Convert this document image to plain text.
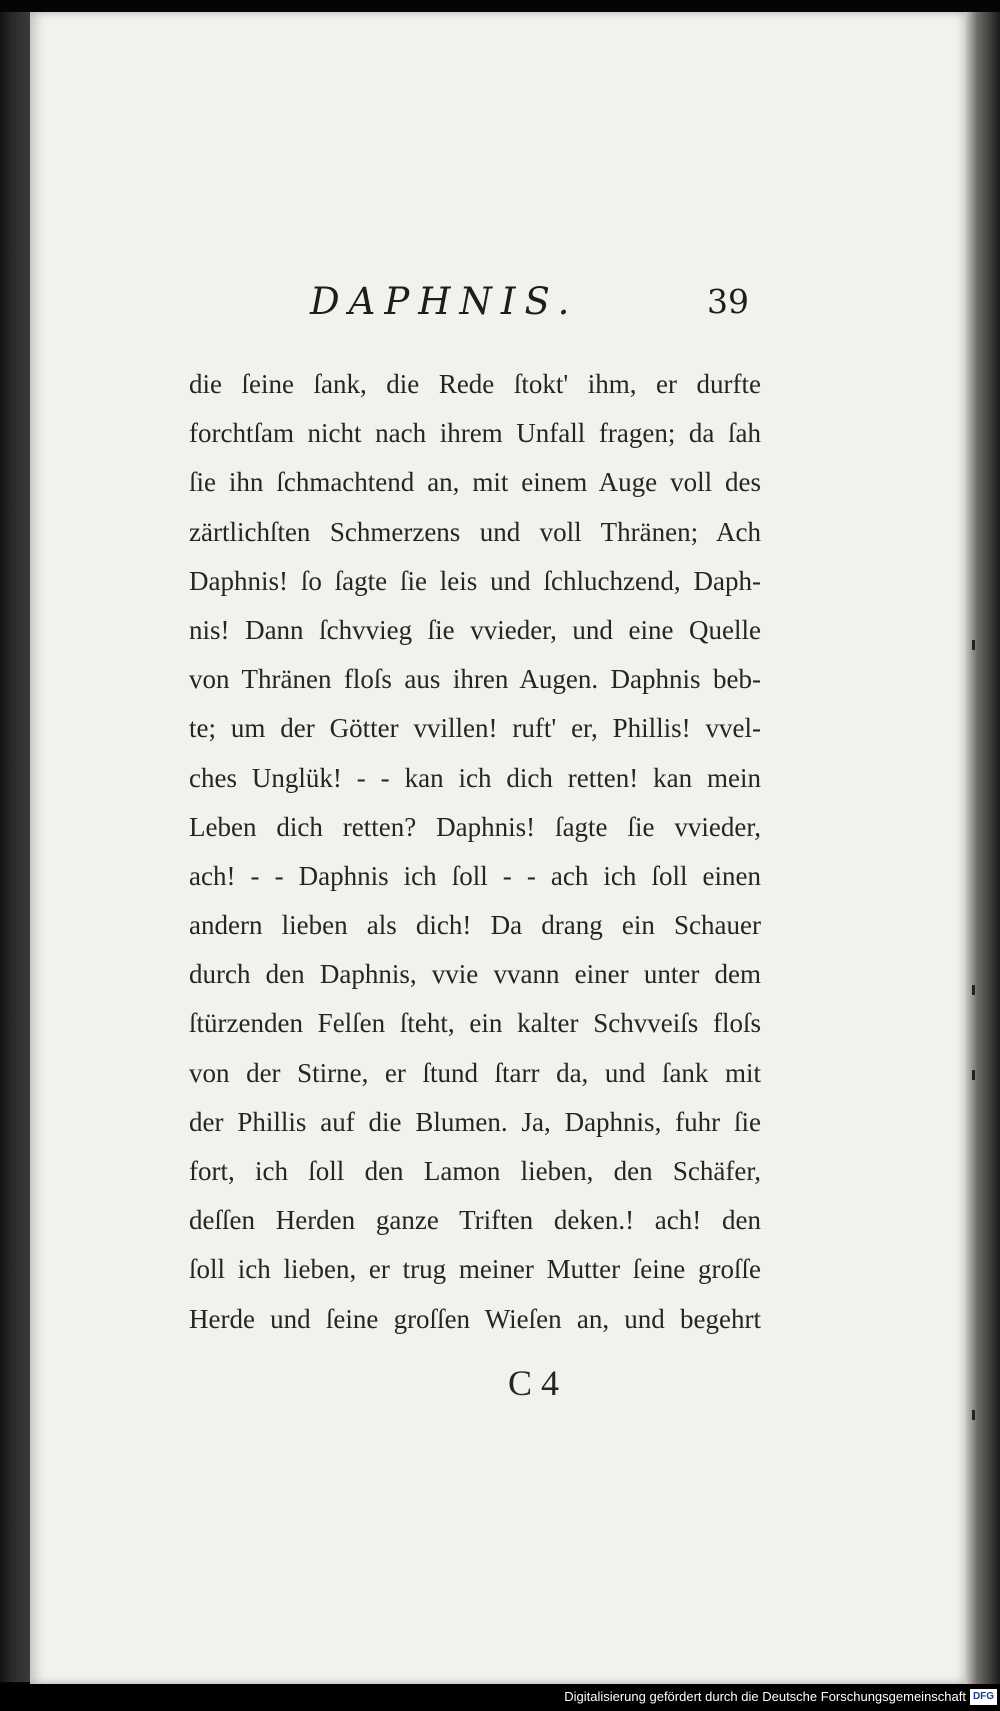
DAPHNIS.	39
die ſeine ſank, die Rede ſtokt' ihm, er durfte
forchtſam nicht nach ihrem Unfall fragen; da ſah
ſie ihn ſchmachtend an, mit einem Auge voll des
zärtlichſten Schmerzens und voll Thränen; Ach
Daphnis! ſo ſagte ſie leis und ſchluchzend, Daph-
nis! Dann ſchvvieg ſie vvieder, und eine Quelle
von Thränen floſs aus ihren Augen. Daphnis beb-
te; um der Götter vvillen! ruft' er, Phillis! vvel-
ches Unglük! - - kan ich dich retten! kan mein
Leben dich retten? Daphnis! ſagte ſie vvieder,
ach! - - Daphnis ich ſoll - - ach ich ſoll einen
andern lieben als dich! Da drang ein Schauer
durch den Daphnis, vvie vvann einer unter dem
ſtürzenden Felſen ſteht, ein kalter Schvveiſs floſs
von der Stirne, er ſtund ſtarr da, und ſank mit
der Phillis auf die Blumen. Ja, Daphnis, fuhr ſie
fort, ich ſoll den Lamon lieben, den Schäfer,
deſſen Herden ganze Triften deken.! ach! den
ſoll ich lieben, er trug meiner Mutter ſeine groſſe
Herde und ſeine groſſen Wieſen an, und begehrt
C 4
Digitalisierung gefördert durch die Deutsche Forschungsgemeinschaft DFG
